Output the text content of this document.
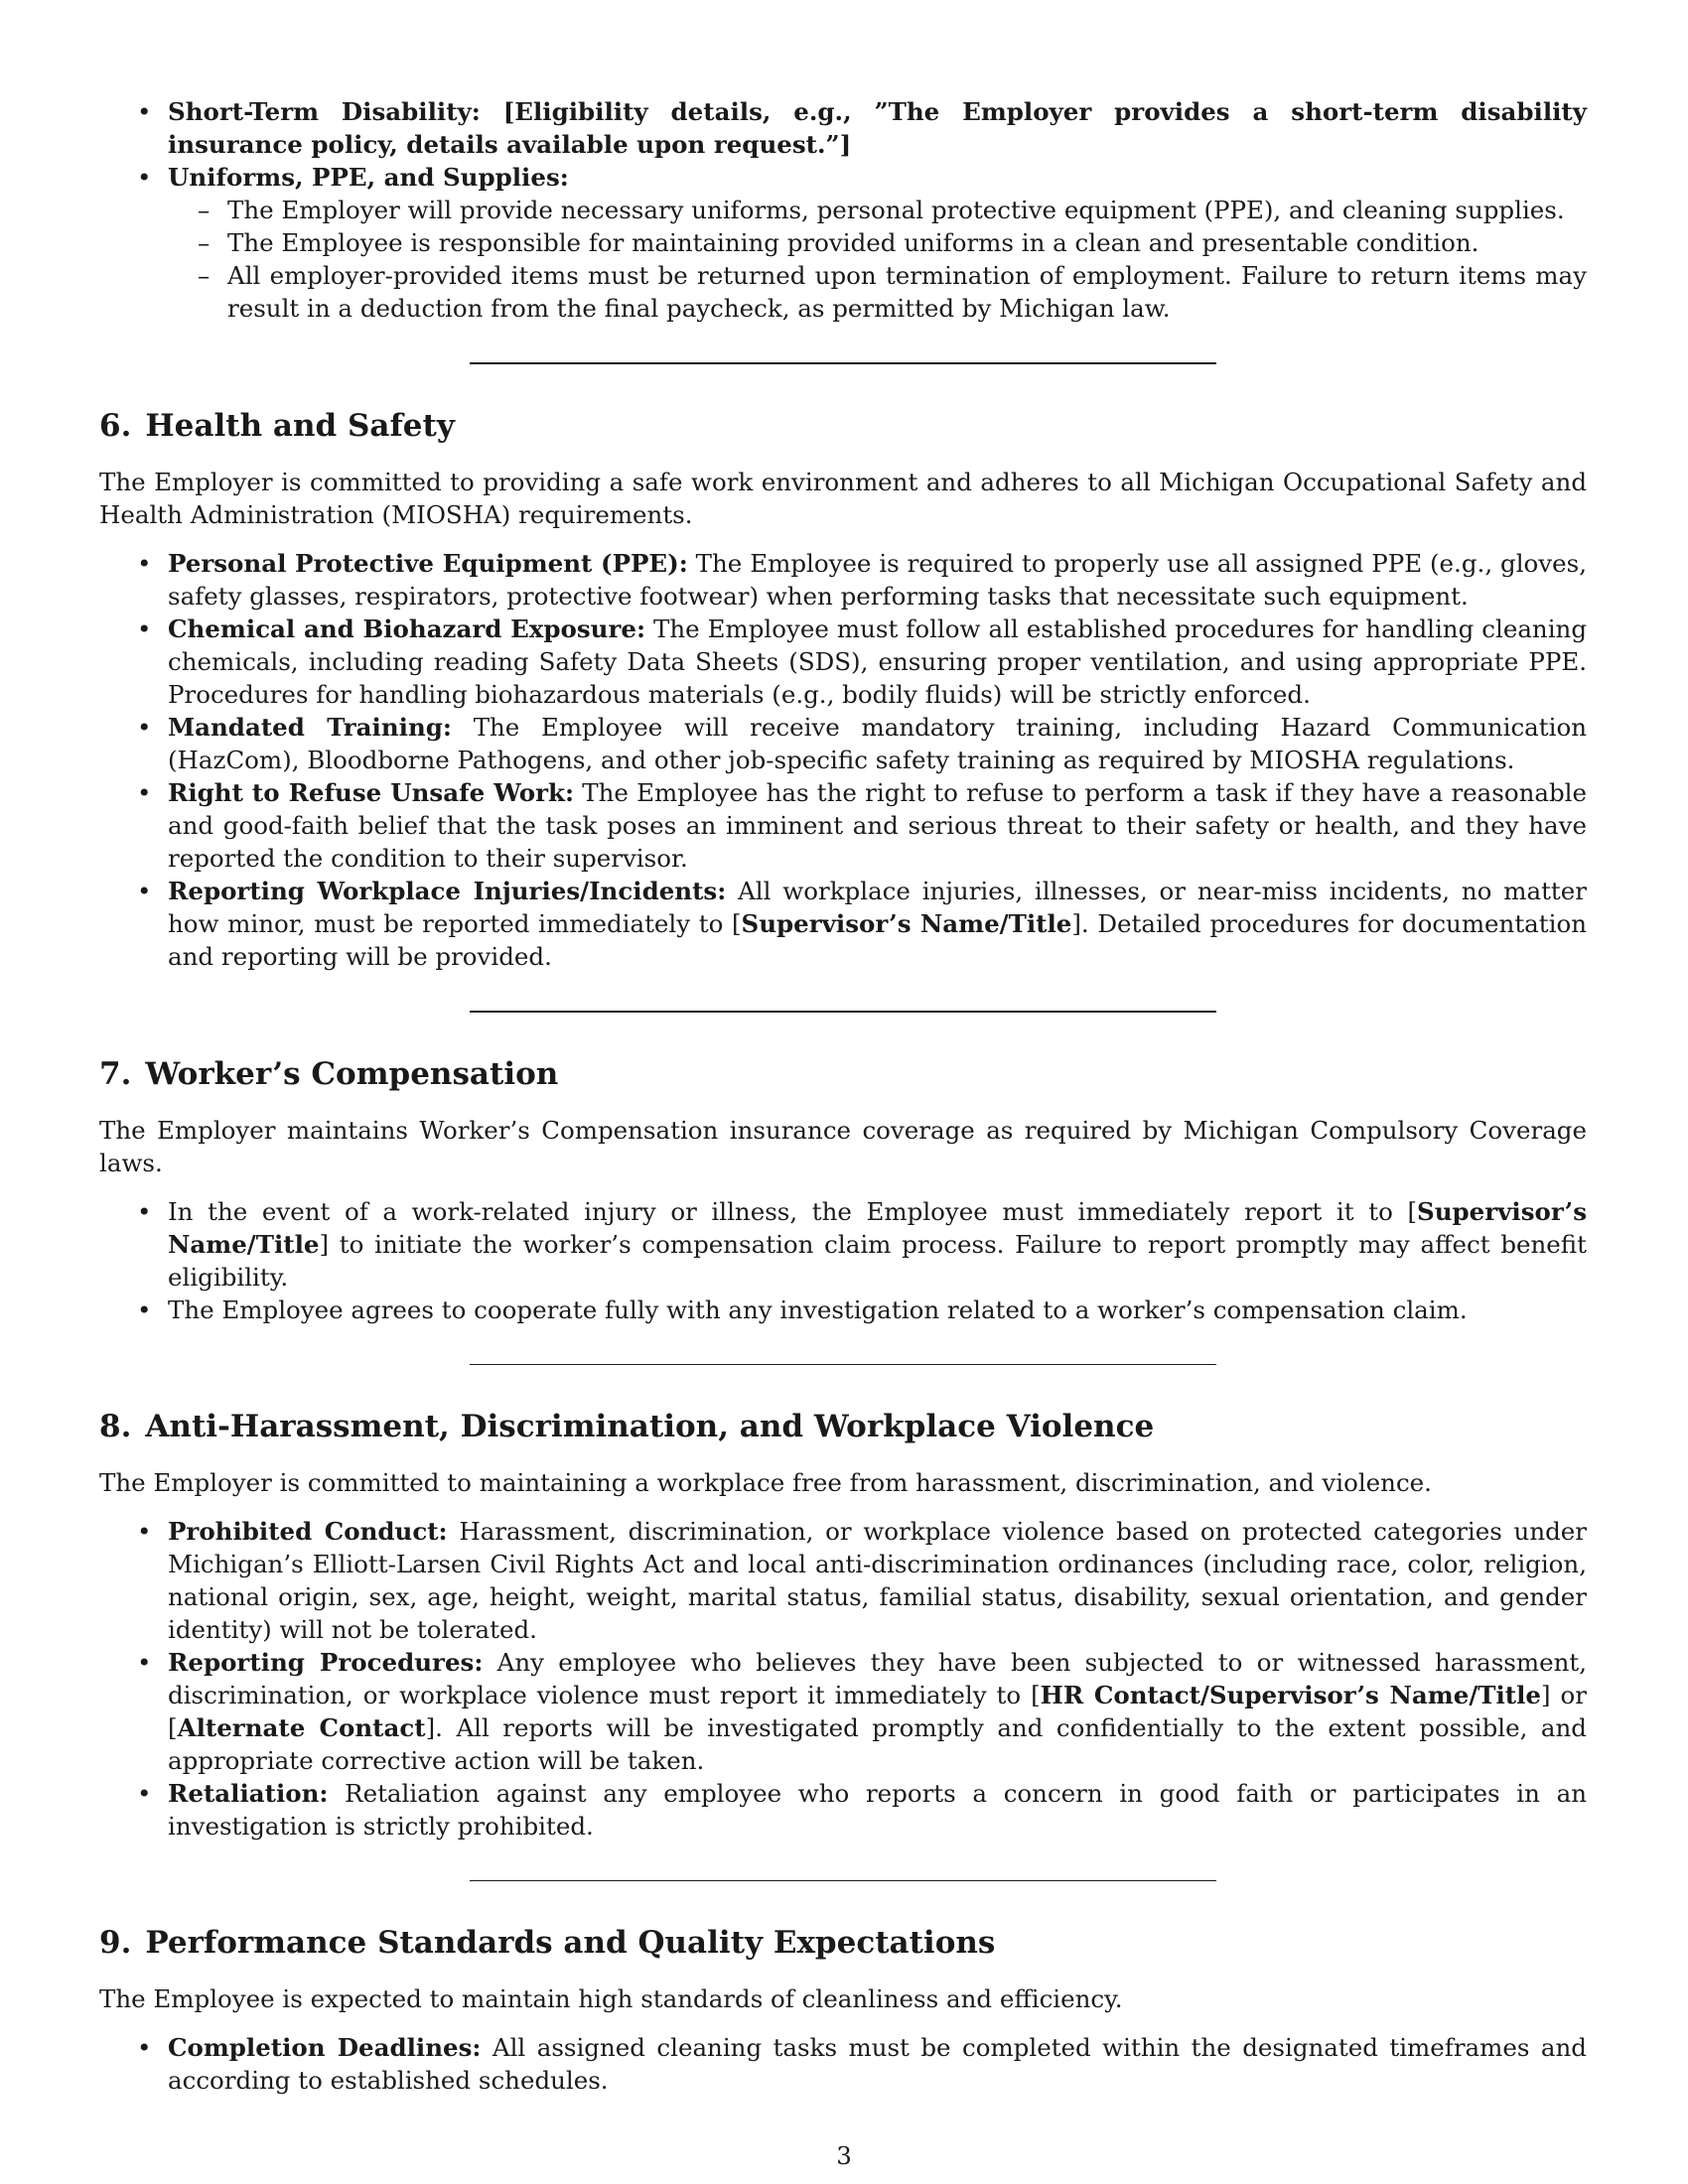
• Short-Term Disability: [Eligibility details, e.g., ”The Employer provides a short-term disability insurance policy, details available upon request.”]
• Uniforms, PPE, and Supplies:
– The Employer will provide necessary uniforms, personal protective equipment (PPE), and cleaning supplies.
– The Employee is responsible for maintaining provided uniforms in a clean and presentable condition.
– All employer-provided items must be returned upon termination of employment. Failure to return items may result in a deduction from the final paycheck, as permitted by Michigan law.
6. Health and Safety

The Employer is committed to providing a safe work environment and adheres to all Michigan Occupational Safety and Health Administration (MIOSHA) requirements.

• Personal Protective Equipment (PPE): The Employee is required to properly use all assigned PPE (e.g., gloves, safety glasses, respirators, protective footwear) when performing tasks that necessitate such equipment.
• Chemical and Biohazard Exposure: The Employee must follow all established procedures for handling cleaning chemicals, including reading Safety Data Sheets (SDS), ensuring proper ventilation, and using appropriate PPE. Procedures for handling biohazardous materials (e.g., bodily fluids) will be strictly enforced.
• Mandated Training: The Employee will receive mandatory training, including Hazard Communication (HazCom), Bloodborne Pathogens, and other job-specific safety training as required by MIOSHA regulations.
• Right to Refuse Unsafe Work: The Employee has the right to refuse to perform a task if they have a reasonable and good-faith belief that the task poses an imminent and serious threat to their safety or health, and they have reported the condition to their supervisor.
• Reporting Workplace Injuries/Incidents: All workplace injuries, illnesses, or near-miss incidents, no matter how minor, must be reported immediately to [Supervisor’s Name/Title]. Detailed procedures for documentation and reporting will be provided.
7. Worker’s Compensation

The Employer maintains Worker’s Compensation insurance coverage as required by Michigan Compulsory Coverage laws.

• In the event of a work-related injury or illness, the Employee must immediately report it to [Supervisor’s Name/Title] to initiate the worker’s compensation claim process. Failure to report promptly may affect benefit eligibility.
• The Employee agrees to cooperate fully with any investigation related to a worker’s compensation claim.
8. Anti-Harassment, Discrimination, and Workplace Violence

The Employer is committed to maintaining a workplace free from harassment, discrimination, and violence.

• Prohibited Conduct: Harassment, discrimination, or workplace violence based on protected categories under Michigan’s Elliott-Larsen Civil Rights Act and local anti-discrimination ordinances (including race, color, religion, national origin, sex, age, height, weight, marital status, familial status, disability, sexual orientation, and gender identity) will not be tolerated.
• Reporting Procedures: Any employee who believes they have been subjected to or witnessed harassment, discrimination, or workplace violence must report it immediately to [HR Contact/Supervisor’s Name/Title] or [Alternate Contact]. All reports will be investigated promptly and confidentially to the extent possible, and appropriate corrective action will be taken.
• Retaliation: Retaliation against any employee who reports a concern in good faith or participates in an investigation is strictly prohibited.
9. Performance Standards and Quality Expectations

The Employee is expected to maintain high standards of cleanliness and efficiency.

• Completion Deadlines: All assigned cleaning tasks must be completed within the designated timeframes and according to established schedules.
3
